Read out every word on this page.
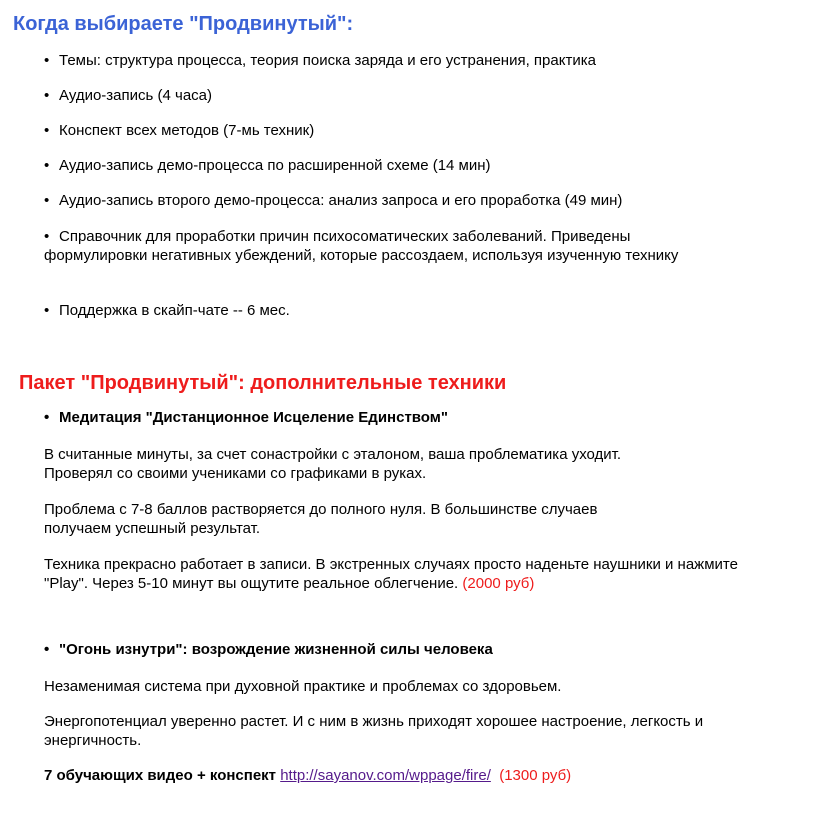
Когда выбираете "Продвинутый":
• Темы: структура процесса, теория поиска заряда и его устранения, практика
• Аудио-запись (4 часа)
• Конспект всех методов (7-мь техник)
• Аудио-запись демо-процесса по расширенной схеме (14 мин)
• Аудио-запись второго демо-процесса: анализ запроса и его проработка (49 мин)
• Справочник для проработки причин психосоматических заболеваний. Приведены формулировки негативных убеждений, которые рассоздаем, используя изученную технику
• Поддержка в скайп-чате -- 6 мес.
Пакет "Продвинутый": дополнительные техники
• Медитация "Дистанционное Исцеление Единством"

В считанные минуты, за счет сонастройки с эталоном, ваша проблематика уходит. Проверял со своими учениками со графиками в руках.

Проблема с 7-8 баллов растворяется до полного нуля. В большинстве случаев получаем успешный результат.

Техника прекрасно работает в записи. В экстренных случаях просто наденьте наушники и нажмите "Play". Через 5-10 минут вы ощутите реальное облегчение. (2000 руб)

• "Огонь изнутри": возрождение жизненной силы человека

Незаменимая система при духовной практике и проблемах со здоровьем.

Энергопотенциал уверенно растет. И с ним в жизнь приходят хорошее настроение, легкость и энергичность.

7 обучающих видео + конспект http://sayanov.com/wppage/fire/ (1300 руб)
